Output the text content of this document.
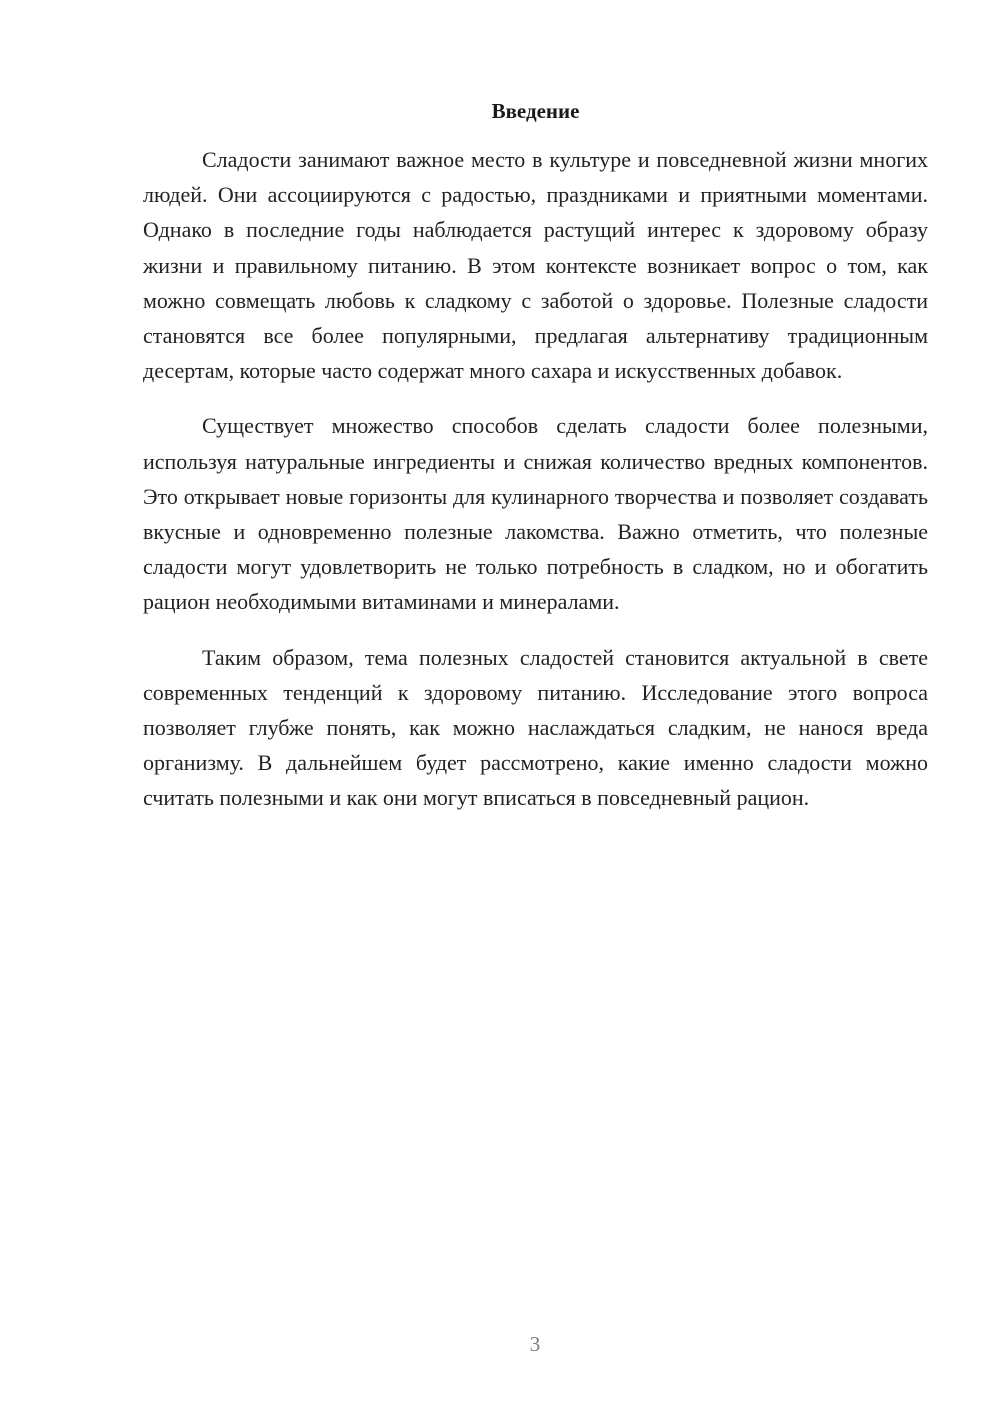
Введение

Сладости занимают важное место в культуре и повседневной жизни многих людей. Они ассоциируются с радостью, праздниками и приятными моментами. Однако в последние годы наблюдается растущий интерес к здоровому образу жизни и правильному питанию. В этом контексте возникает вопрос о том, как можно совмещать любовь к сладкому с заботой о здоровье. Полезные сладости становятся все более популярными, предлагая альтернативу традиционным десертам, которые часто содержат много сахара и искусственных добавок.

Существует множество способов сделать сладости более полезными, используя натуральные ингредиенты и снижая количество вредных компонентов. Это открывает новые горизонты для кулинарного творчества и позволяет создавать вкусные и одновременно полезные лакомства. Важно отметить, что полезные сладости могут удовлетворить не только потребность в сладком, но и обогатить рацион необходимыми витаминами и минералами.

Таким образом, тема полезных сладостей становится актуальной в свете современных тенденций к здоровому питанию. Исследование этого вопроса позволяет глубже понять, как можно наслаждаться сладким, не нанося вреда организму. В дальнейшем будет рассмотрено, какие именно сладости можно считать полезными и как они могут вписаться в повседневный рацион.

3
